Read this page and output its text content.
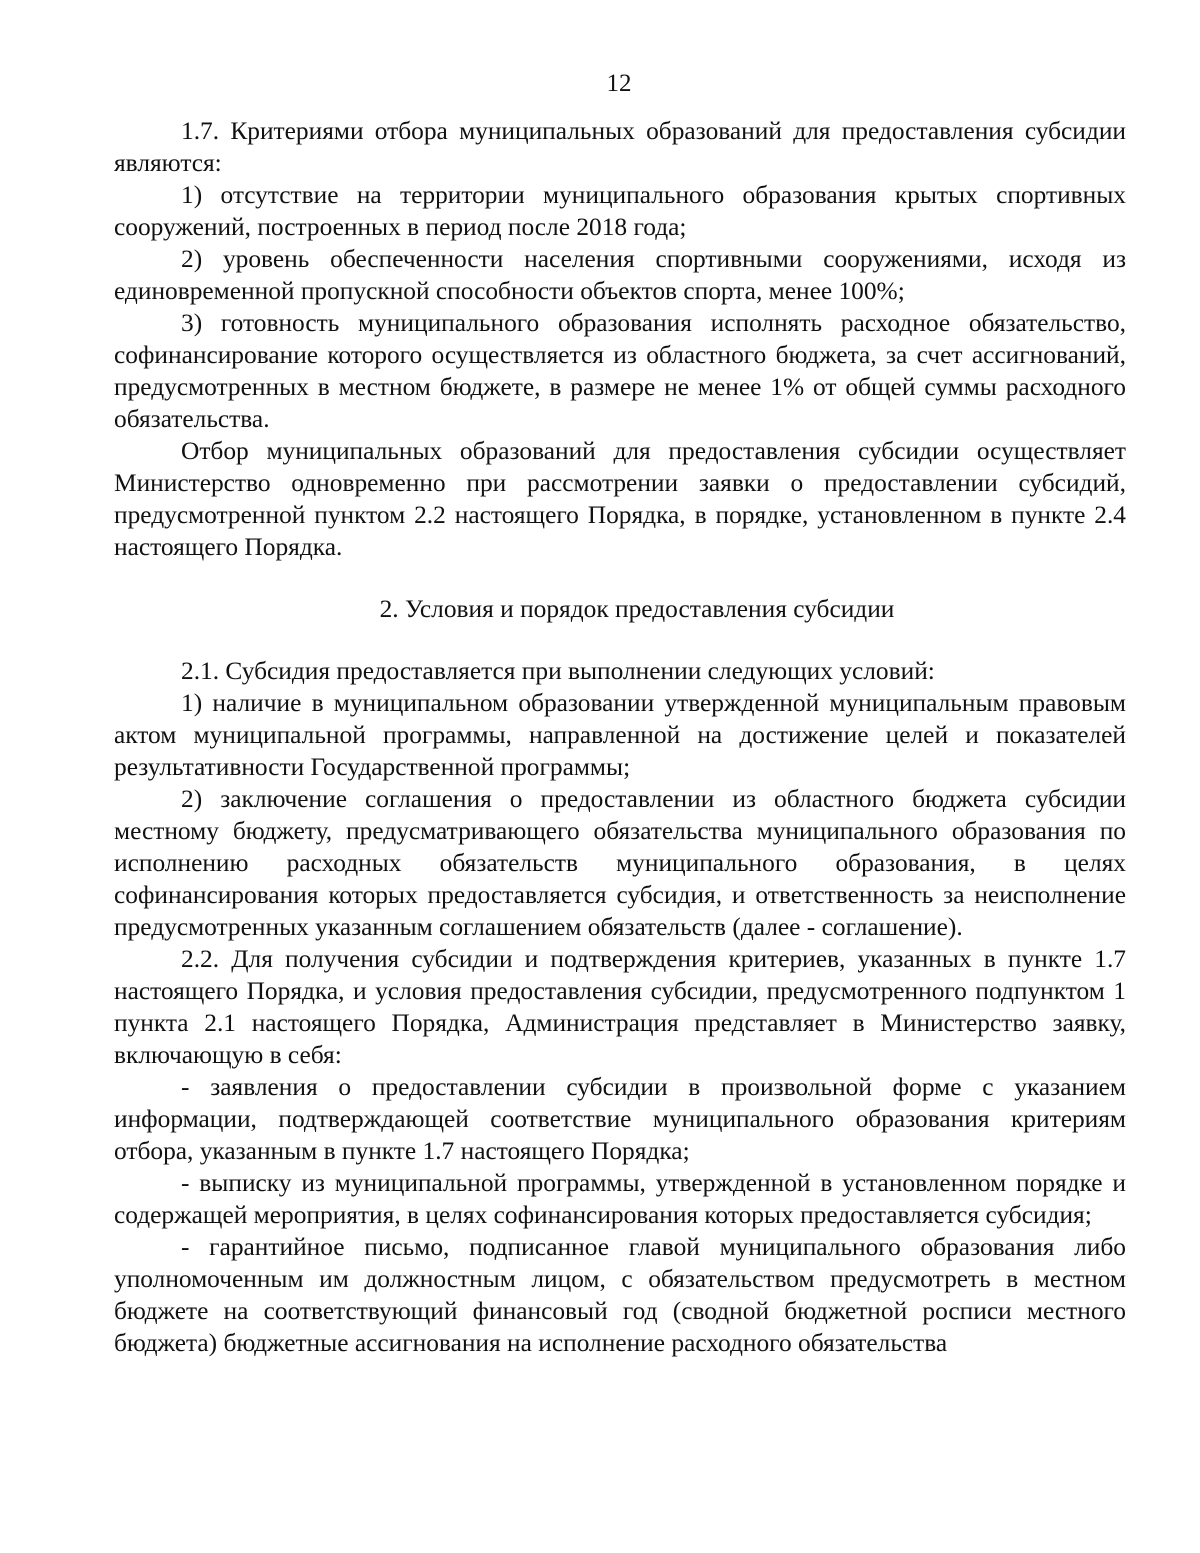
12

1.7. Критериями отбора муниципальных образований для предоставления субсидии являются:

1) отсутствие на территории муниципального образования крытых спортивных сооружений, построенных в период после 2018 года;

2) уровень обеспеченности населения спортивными сооружениями, исходя из единовременной пропускной способности объектов спорта, менее 100%;

3) готовность муниципального образования исполнять расходное обязательство, софинансирование которого осуществляется из областного бюджета, за счет ассигнований, предусмотренных в местном бюджете, в размере не менее 1% от общей суммы расходного обязательства.

Отбор муниципальных образований для предоставления субсидии осуществляет Министерство одновременно при рассмотрении заявки о предоставлении субсидий, предусмотренной пунктом 2.2 настоящего Порядка, в порядке, установленном в пункте 2.4 настоящего Порядка.

2. Условия и порядок предоставления субсидии

2.1. Субсидия предоставляется при выполнении следующих условий:

1) наличие в муниципальном образовании утвержденной муниципальным правовым актом муниципальной программы, направленной на достижение целей и показателей результативности Государственной программы;

2) заключение соглашения о предоставлении из областного бюджета субсидии местному бюджету, предусматривающего обязательства муниципального образования по исполнению расходных обязательств муниципального образования, в целях софинансирования которых предоставляется субсидия, и ответственность за неисполнение предусмотренных указанным соглашением обязательств (далее - соглашение).

2.2. Для получения субсидии и подтверждения критериев, указанных в пункте 1.7 настоящего Порядка, и условия предоставления субсидии, предусмотренного подпунктом 1 пункта 2.1 настоящего Порядка, Администрация представляет в Министерство заявку, включающую в себя:

- заявления о предоставлении субсидии в произвольной форме с указанием информации, подтверждающей соответствие муниципального образования критериям отбора, указанным в пункте 1.7 настоящего Порядка;

- выписку из муниципальной программы, утвержденной в установленном порядке и содержащей мероприятия, в целях софинансирования которых предоставляется субсидия;

- гарантийное письмо, подписанное главой муниципального образования либо уполномоченным им должностным лицом, с обязательством предусмотреть в местном бюджете на соответствующий финансовый год (сводной бюджетной росписи местного бюджета) бюджетные ассигнования на исполнение расходного обязательства
